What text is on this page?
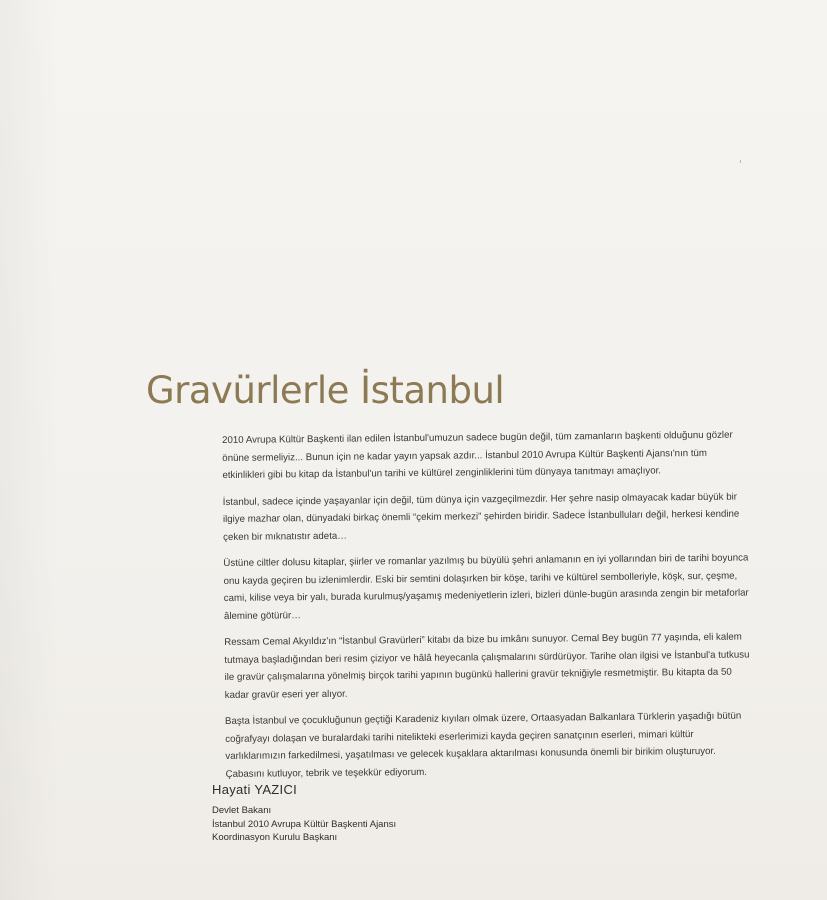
Gravürlerle İstanbul

2010 Avrupa Kültür Başkenti ilan edilen İstanbul'umuzun sadece bugün değil, tüm zamanların başkenti olduğunu gözler önüne sermeliyiz... Bunun için ne kadar yayın yapsak azdır... İstanbul 2010 Avrupa Kültür Başkenti Ajansı'nın tüm etkinlikleri gibi bu kitap da İstanbul'un tarihi ve kültürel zenginliklerini tüm dünyaya tanıtmayı amaçlıyor.

İstanbul, sadece içinde yaşayanlar için değil, tüm dünya için vazgeçilmezdir. Her şehre nasip olmayacak kadar büyük bir ilgiye mazhar olan, dünyadaki birkaç önemli “çekim merkezi” şehirden biridir. Sadece İstanbulluları değil, herkesi kendine çeken bir mıknatıstır adeta…

Üstüne ciltler dolusu kitaplar, şiirler ve romanlar yazılmış bu büyülü şehri anlamanın en iyi yollarından biri de tarihi boyunca onu kayda geçiren bu izlenimlerdir. Eski bir semtini dolaşırken bir köşe, tarihi ve kültürel sembolleriyle, köşk, sur, çeşme, cami, kilise veya bir yalı, burada kurulmuş/yaşamış medeniyetlerin izleri, bizleri dünle-bugün arasında zengin bir metaforlar âlemine götürür…

Ressam Cemal Akyıldız'ın “İstanbul Gravürleri” kitabı da bize bu imkânı sunuyor. Cemal Bey bugün 77 yaşında, eli kalem tutmaya başladığından beri resim çiziyor ve hâlâ heyecanla çalışmalarını sürdürüyor. Tarihe olan ilgisi ve İstanbul'a tutkusu ile gravür çalışmalarına yönelmiş birçok tarihi yapının bugünkü hallerini gravür tekniğiyle resmetmiştir. Bu kitapta da 50 kadar gravür eseri yer alıyor.

Başta İstanbul ve çocukluğunun geçtiği Karadeniz kıyıları olmak üzere, Ortaasyadan Balkanlara Türklerin yaşadığı bütün coğrafyayı dolaşan ve buralardaki tarihi nitelikteki eserlerimizi kayda geçiren sanatçının eserleri, mimari kültür varlıklarımızın farkedilmesi, yaşatılması ve gelecek kuşaklara aktarılması konusunda önemli bir birikim oluşturuyor. Çabasını kutluyor, tebrik ve teşekkür ediyorum.

Hayati YAZICI

Devlet Bakanı

İstanbul 2010 Avrupa Kültür Başkenti Ajansı

Koordinasyon Kurulu Başkanı
